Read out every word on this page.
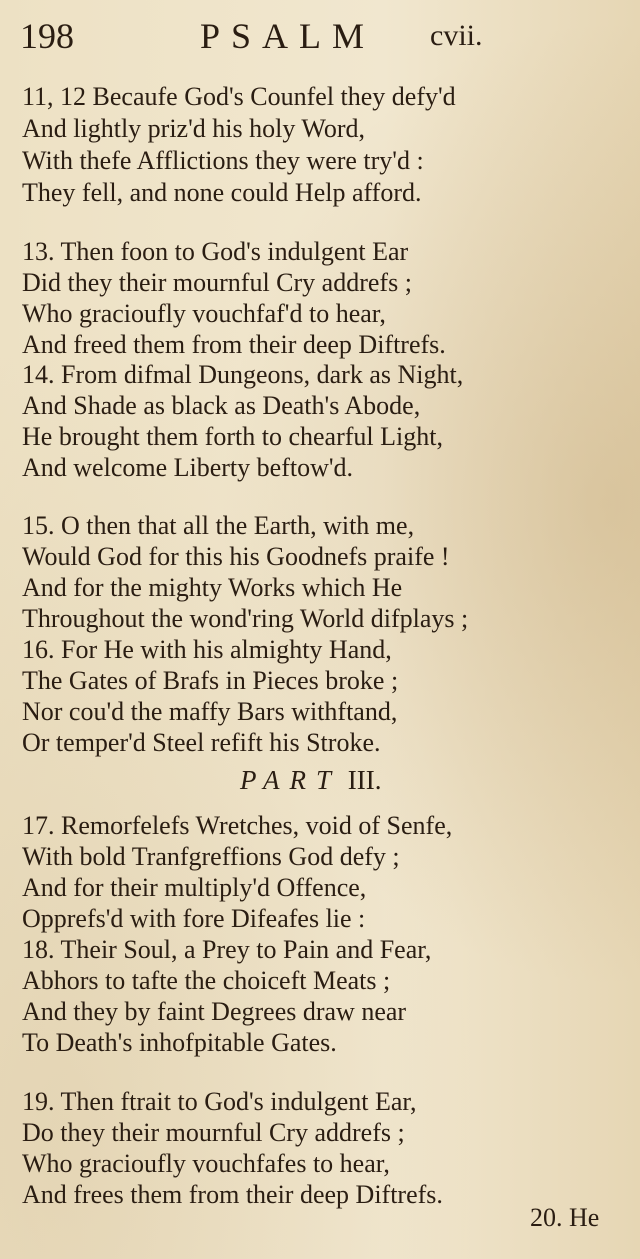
198	PSALM cvii.
11, 12 Becaufe God's Counfel they defy'd
And lightly priz'd his holy Word,
With thefe Afflictions they were try'd :
They fell, and none could Help afford.
13. Then foon to God's indulgent Ear
Did they their mournful Cry addrefs ;
Who gracioufly vouchfaf'd to hear,
And freed them from their deep Diftrefs.
14. From difmal Dungeons, dark as Night,
And Shade as black as Death's Abode,
He brought them forth to chearful Light,
And welcome Liberty beftow'd.
15. O then that all the Earth, with me,
Would God for this his Goodnefs praife !
And for the mighty Works which He
Throughout the wond'ring World difplays ;
16. For He with his almighty Hand,
The Gates of Brafs in Pieces broke ;
Nor cou'd the maffy Bars withftand,
Or temper'd Steel refift his Stroke.
PART III.
17. Remorfelefs Wretches, void of Senfe,
With bold Tranfgreffions God defy ;
And for their multiply'd Offence,
Opprefs'd with fore Difeafes lie :
18. Their Soul, a Prey to Pain and Fear,
Abhors to tafte the choiceft Meats ;
And they by faint Degrees draw near
To Death's inhofpitable Gates.
19. Then ftrait to God's indulgent Ear,
Do they their mournful Cry addrefs ;
Who gracioufly vouchfafes to hear,
And frees them from their deep Diftrefs.
20. He
